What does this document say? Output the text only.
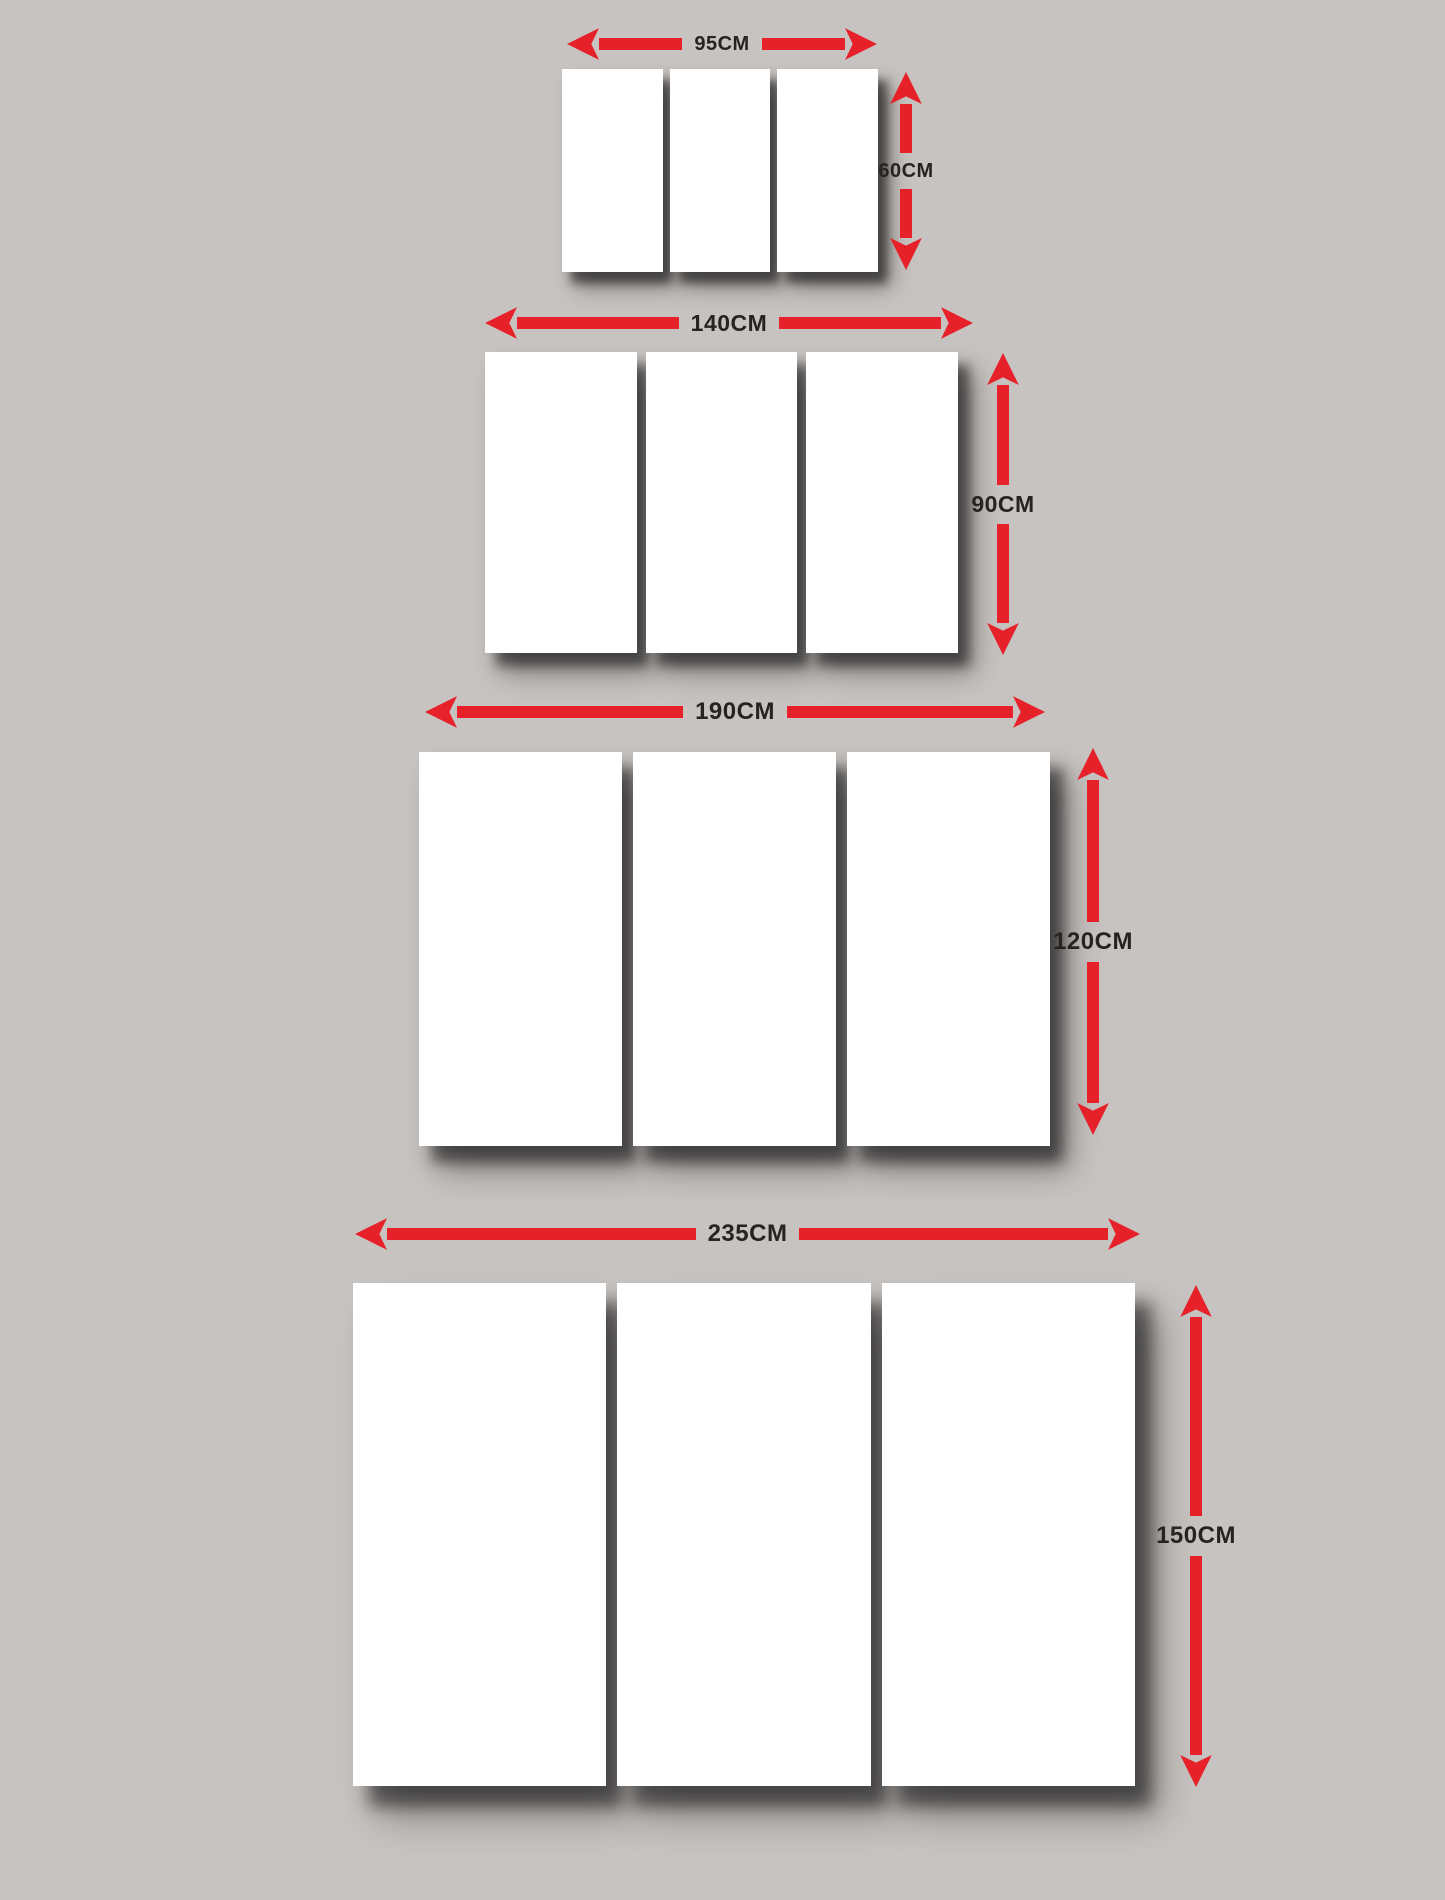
95CM
60CM
140CM
90CM
190CM
120CM
235CM
150CM
